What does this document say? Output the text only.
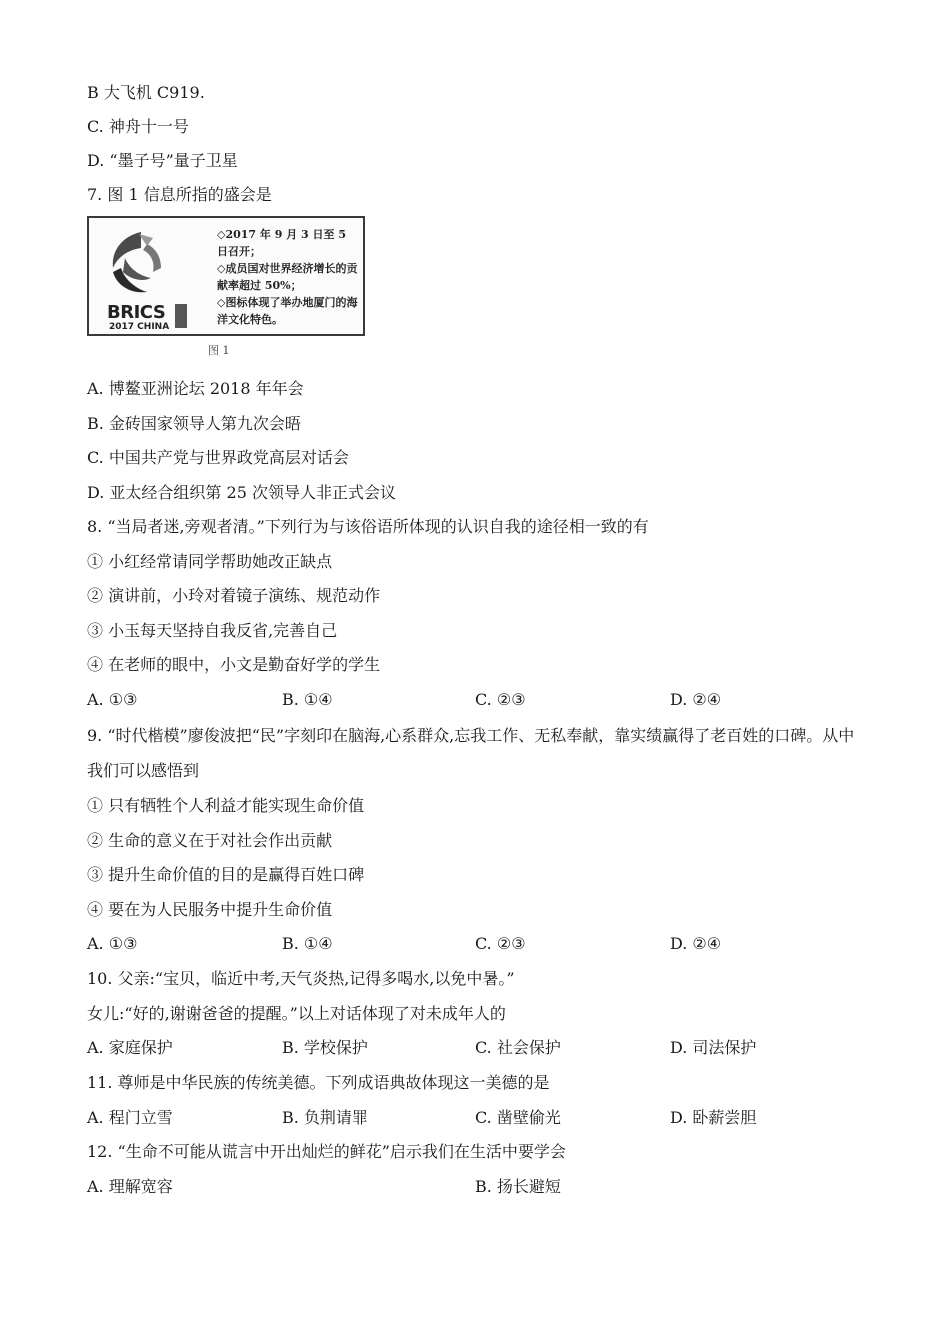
B 大飞机 C919.
C. 神舟十一号
D. “墨子号”量子卫星
7. 图 1 信息所指的盛会是
BRICS
2017 CHINA
◇2017 年 9 月 3 日至 5 日召开；
◇成员国对世界经济增长的贡献率超过 50%；
◇图标体现了举办地厦门的海洋文化特色。
图 1
A. 博鳌亚洲论坛 2018 年年会
B. 金砖国家领导人第九次会晤
C. 中国共产党与世界政党高层对话会
D. 亚太经合组织第 25 次领导人非正式会议
8. “当局者迷,旁观者清。”下列行为与该俗语所体现的认识自我的途径相一致的有
① 小红经常请同学帮助她改正缺点
② 演讲前，小玲对着镜子演练、规范动作
③ 小玉每天坚持自我反省,完善自己
④ 在老师的眼中，小文是勤奋好学的学生
A. ①③	B. ①④	C. ②③	D. ②④
9. “时代楷模”廖俊波把“民”字刻印在脑海,心系群众,忘我工作、无私奉献，靠实绩赢得了老百姓的口碑。从中我们可以感悟到
① 只有牺牲个人利益才能实现生命价值
② 生命的意义在于对社会作出贡献
③ 提升生命价值的目的是赢得百姓口碑
④ 要在为人民服务中提升生命价值
A. ①③	B. ①④	C. ②③	D. ②④
10. 父亲:“宝贝，临近中考,天气炎热,记得多喝水,以免中暑。”
女儿:“好的,谢谢爸爸的提醒。”以上对话体现了对未成年人的
A. 家庭保护	B. 学校保护	C. 社会保护	D. 司法保护
11. 尊师是中华民族的传统美德。下列成语典故体现这一美德的是
A. 程门立雪	B. 负荆请罪	C. 凿壁偷光	D. 卧薪尝胆
12. “生命不可能从谎言中开出灿烂的鲜花”启示我们在生活中要学会
A. 理解宽容	B. 扬长避短
